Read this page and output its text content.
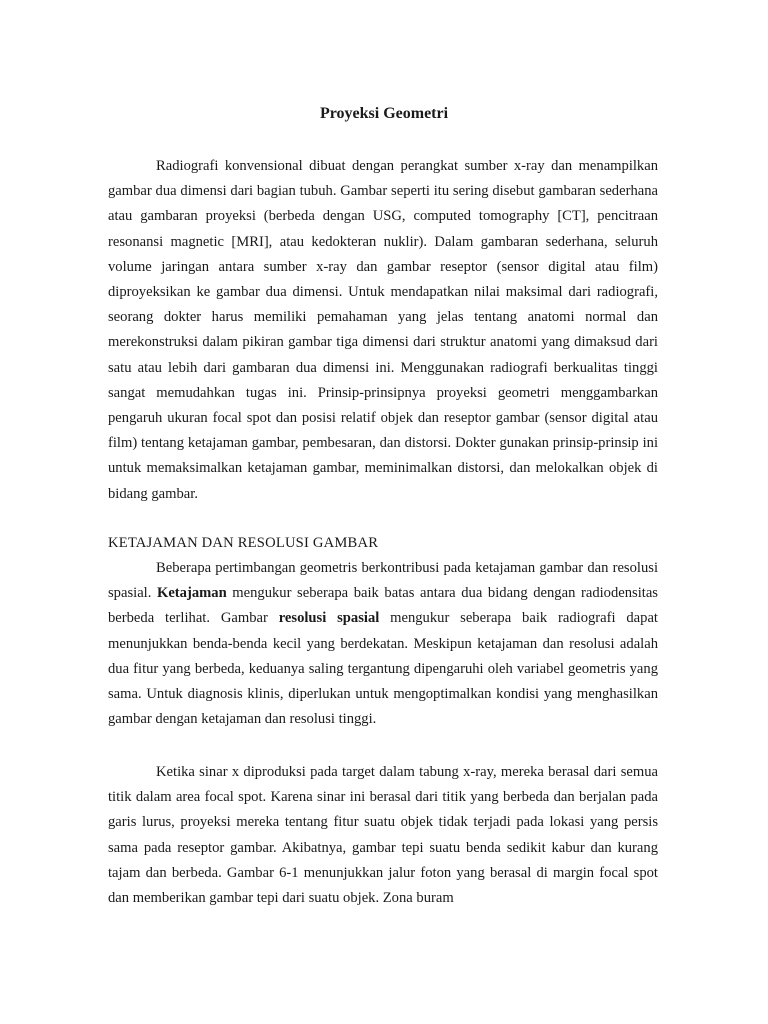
Proyeksi Geometri

Radiografi konvensional dibuat dengan perangkat sumber x-ray dan menampilkan gambar dua dimensi dari bagian tubuh. Gambar seperti itu sering disebut gambaran sederhana atau gambaran proyeksi (berbeda dengan USG, computed tomography [CT], pencitraan resonansi magnetic [MRI], atau kedokteran nuklir). Dalam gambaran sederhana, seluruh volume jaringan antara sumber x-ray dan gambar reseptor (sensor digital atau film) diproyeksikan ke gambar dua dimensi. Untuk mendapatkan nilai maksimal dari radiografi, seorang dokter harus memiliki pemahaman yang jelas tentang anatomi normal dan merekonstruksi dalam pikiran gambar tiga dimensi dari struktur anatomi yang dimaksud dari satu atau lebih dari gambaran dua dimensi ini. Menggunakan radiografi berkualitas tinggi sangat memudahkan tugas ini. Prinsip-prinsipnya proyeksi geometri menggambarkan pengaruh ukuran focal spot dan posisi relatif objek dan reseptor gambar (sensor digital atau film) tentang ketajaman gambar, pembesaran, dan distorsi. Dokter gunakan prinsip-prinsip ini untuk memaksimalkan ketajaman gambar, meminimalkan distorsi, dan melokalkan objek di bidang gambar.

KETAJAMAN DAN RESOLUSI GAMBAR

Beberapa pertimbangan geometris berkontribusi pada ketajaman gambar dan resolusi spasial. Ketajaman mengukur seberapa baik batas antara dua bidang dengan radiodensitas berbeda terlihat. Gambar resolusi spasial mengukur seberapa baik radiografi dapat menunjukkan benda-benda kecil yang berdekatan. Meskipun ketajaman dan resolusi adalah dua fitur yang berbeda, keduanya saling tergantung dipengaruhi oleh variabel geometris yang sama. Untuk diagnosis klinis, diperlukan untuk mengoptimalkan kondisi yang menghasilkan gambar dengan ketajaman dan resolusi tinggi.

Ketika sinar x diproduksi pada target dalam tabung x-ray, mereka berasal dari semua titik dalam area focal spot. Karena sinar ini berasal dari titik yang berbeda dan berjalan pada garis lurus, proyeksi mereka tentang fitur suatu objek tidak terjadi pada lokasi yang persis sama pada reseptor gambar. Akibatnya, gambar tepi suatu benda sedikit kabur dan kurang tajam dan berbeda. Gambar 6-1 menunjukkan jalur foton yang berasal di margin focal spot dan memberikan gambar tepi dari suatu objek. Zona buram
